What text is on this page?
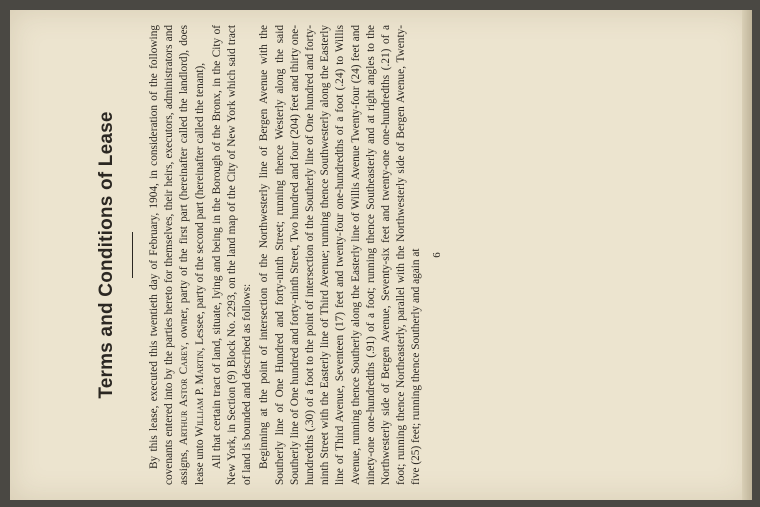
Terms and Conditions of Lease	By this lease, executed this twentieth day of February, 1904, in consideration of the following covenants entered into by the parties hereto for themselves, their heirs, executors, administrators and assigns, Arthur Astor Carey, owner, party of the first part (hereinafter called the landlord), does lease unto William P. Martin, Lessee, party of the second part (hereinafter called the tenant), All that certain tract of land, situate, lying and being in the Borough of the Bronx, in the City of New York, in Section (9) Block No. 2293, on the land map of the City of New York which said tract of land is bounded and described as follows: Beginning at the point of intersection of the Northwesterly line of Bergen Avenue with the Southerly line of One Hundred and forty-ninth Street; running thence Westerly along the said Southerly line of One hundred and forty-ninth Street, Two hundred and four (204) feet and thirty one-hundredths (.30) of a foot to the point of intersection of the Southerly line of One hundred and forty-ninth Street with the Easterly line of Third Avenue; running thence Southwesterly along the Easterly line of Third Avenue, Seventeen (17) feet and twenty-four one-hundredths of a foot (.24) to Willis Avenue, running thence Southerly along the Easterly line of Willis Avenue Twenty-four (24) feet and ninety-one one-hundredths (.91) of a foot; running thence Southeasterly and at right angles to the Northwesterly side of Bergen Avenue, Seventy-six feet and twenty-one one-hundredths (.21) of a foot; running thence Northeasterly, parallel with the Northwesterly side of Bergen Avenue, Twenty-five (25) feet; running thence Southerly and again at 6
